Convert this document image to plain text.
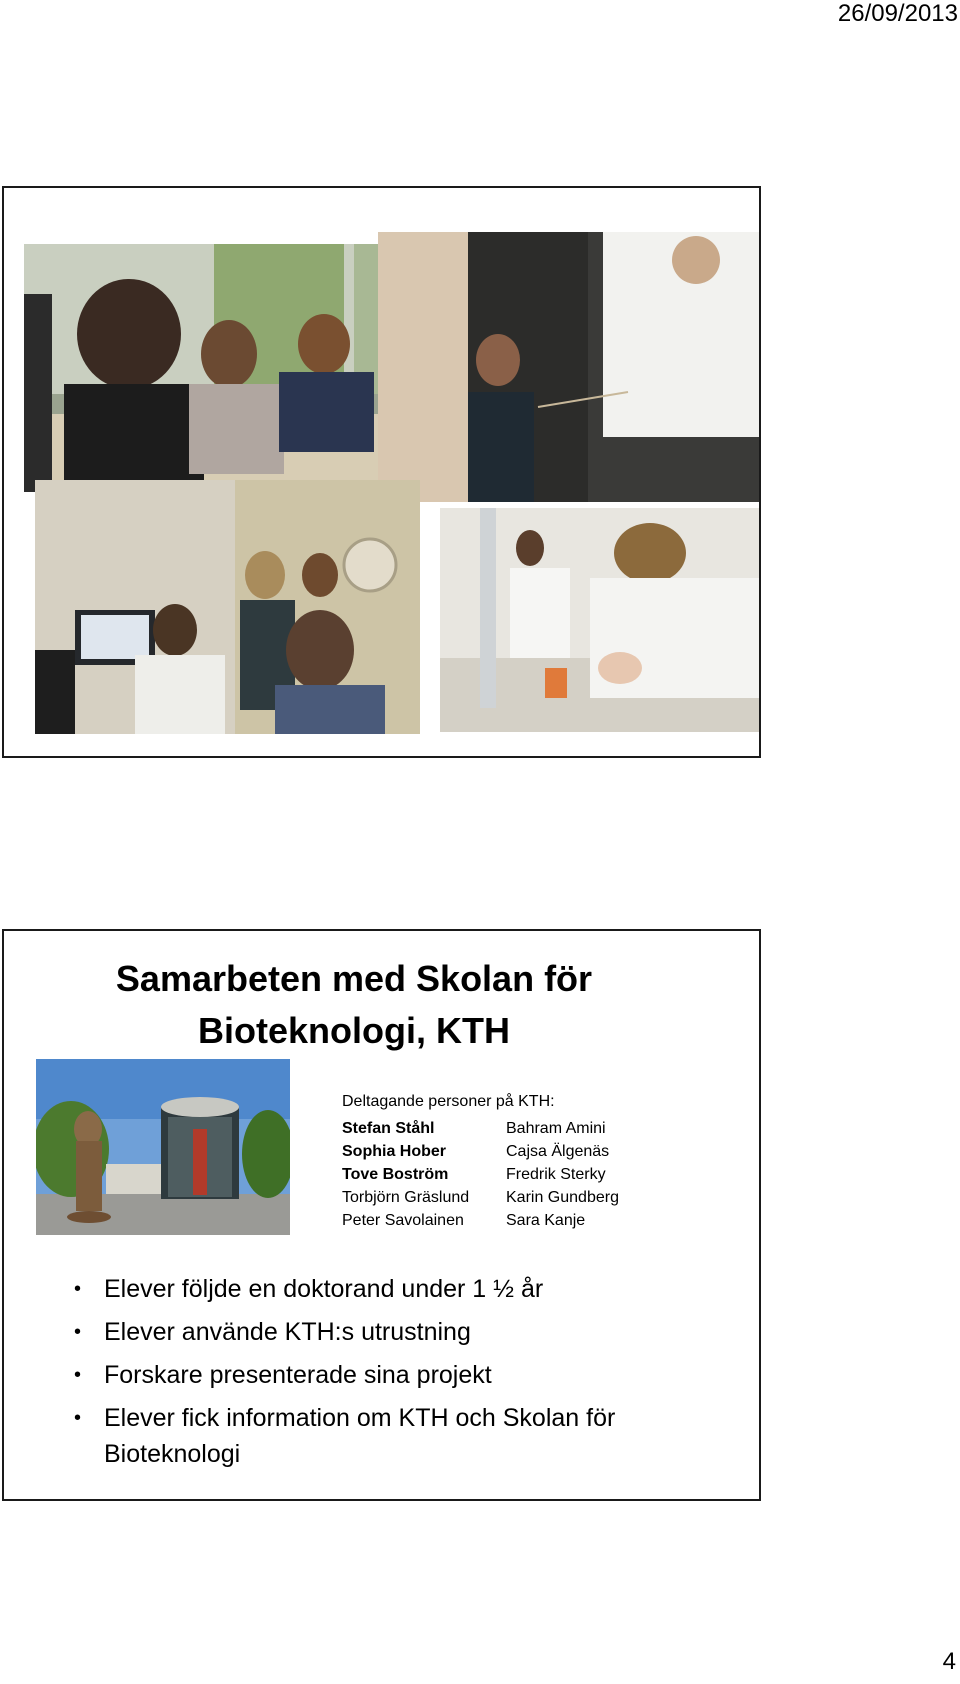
26/09/2013
Samarbeten med Skolan för
Bioteknologi, KTH
Deltagande personer på KTH:
Stefan Ståhl	Bahram Amini
Sophia Hober	Cajsa Älgenäs
Tove Boström	Fredrik Sterky
Torbjörn Gräslund	Karin Gundberg
Peter Savolainen	Sara Kanje
• Elever följde en doktorand under 1 ½ år
• Elever använde KTH:s utrustning
• Forskare presenterade sina projekt
• Elever fick information om KTH och Skolan för Bioteknologi
4
